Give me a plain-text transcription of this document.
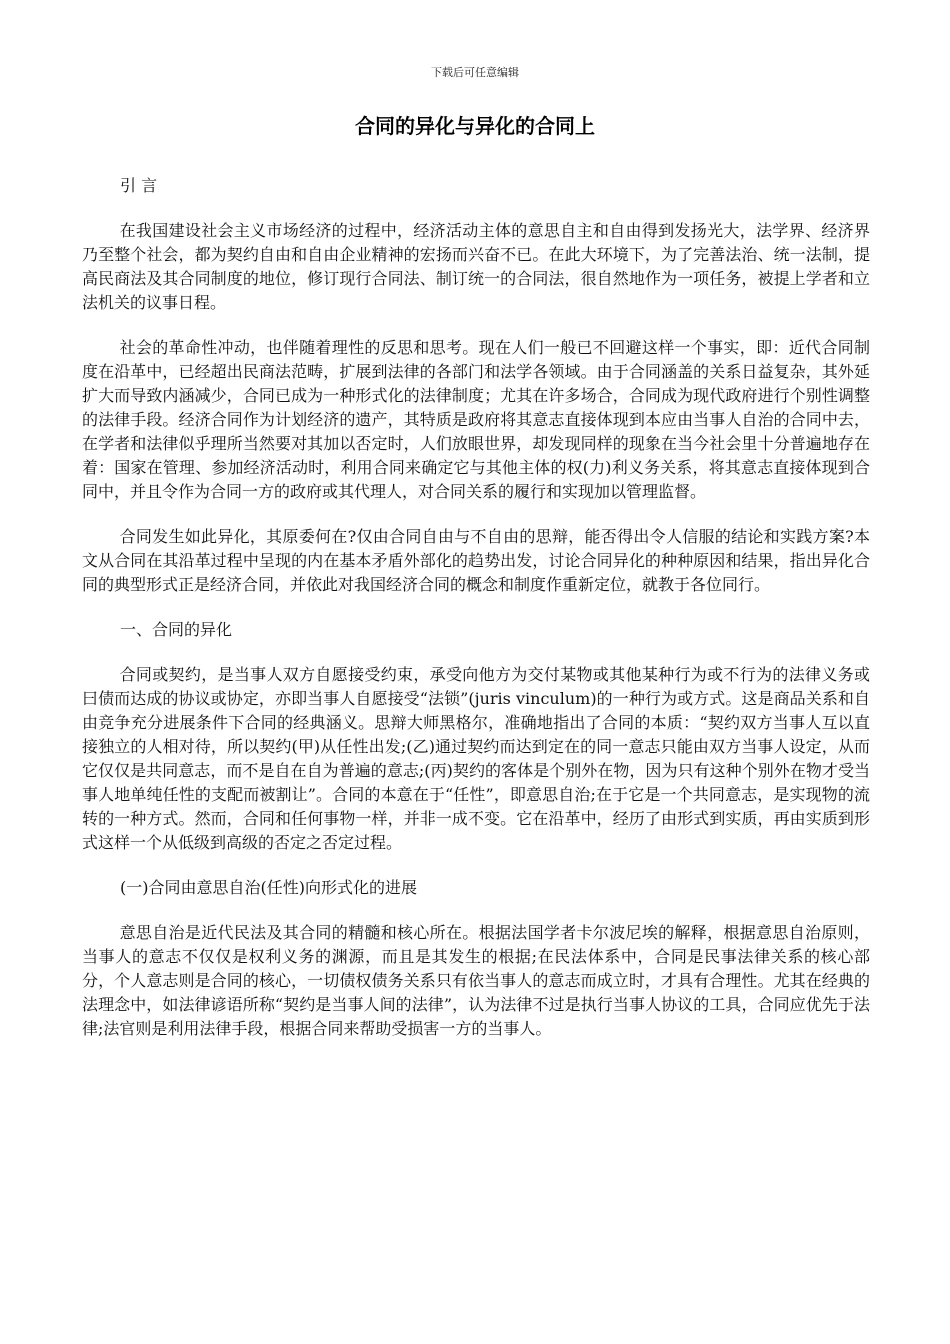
下载后可任意编辑
合同的异化与异化的合同上

引 言

在我国建设社会主义市场经济的过程中，经济活动主体的意思自主和自由得到发扬光大，法学界、经济界乃至整个社会，都为契约自由和自由企业精神的宏扬而兴奋不已。在此大环境下，为了完善法治、统一法制，提高民商法及其合同制度的地位，修订现行合同法、制订统一的合同法，很自然地作为一项任务，被提上学者和立法机关的议事日程。

社会的革命性冲动，也伴随着理性的反思和思考。现在人们一般已不回避这样一个事实，即：近代合同制度在沿革中，已经超出民商法范畴，扩展到法律的各部门和法学各领域。由于合同涵盖的关系日益复杂，其外延扩大而导致内涵减少，合同已成为一种形式化的法律制度；尤其在许多场合，合同成为现代政府进行个别性调整的法律手段。经济合同作为计划经济的遗产，其特质是政府将其意志直接体现到本应由当事人自治的合同中去，在学者和法律似乎理所当然要对其加以否定时，人们放眼世界，却发现同样的现象在当今社会里十分普遍地存在着：国家在管理、参加经济活动时，利用合同来确定它与其他主体的权(力)利义务关系，将其意志直接体现到合同中，并且令作为合同一方的政府或其代理人，对合同关系的履行和实现加以管理监督。

合同发生如此异化，其原委何在?仅由合同自由与不自由的思辩，能否得出令人信服的结论和实践方案?本文从合同在其沿革过程中呈现的内在基本矛盾外部化的趋势出发，讨论合同异化的种种原因和结果，指出异化合同的典型形式正是经济合同，并依此对我国经济合同的概念和制度作重新定位，就教于各位同行。

一、合同的异化

合同或契约，是当事人双方自愿接受约束，承受向他方为交付某物或其他某种行为或不行为的法律义务或曰债而达成的协议或协定，亦即当事人自愿接受“法锁”(juris vinculum)的一种行为或方式。这是商品关系和自由竞争充分进展条件下合同的经典涵义。思辩大师黑格尔，准确地指出了合同的本质：“契约双方当事人互以直接独立的人相对待，所以契约(甲)从任性出发;(乙)通过契约而达到定在的同一意志只能由双方当事人设定，从而它仅仅是共同意志，而不是自在自为普遍的意志;(丙)契约的客体是个别外在物，因为只有这种个别外在物才受当事人地单纯任性的支配而被割让”。合同的本意在于“任性”，即意思自治;在于它是一个共同意志，是实现物的流转的一种方式。然而，合同和任何事物一样，并非一成不变。它在沿革中，经历了由形式到实质，再由实质到形式这样一个从低级到高级的否定之否定过程。

(一)合同由意思自治(任性)向形式化的进展

意思自治是近代民法及其合同的精髓和核心所在。根据法国学者卡尔波尼埃的解释，根据意思自治原则，当事人的意志不仅仅是权利义务的渊源，而且是其发生的根据;在民法体系中，合同是民事法律关系的核心部分，个人意志则是合同的核心，一切债权债务关系只有依当事人的意志而成立时，才具有合理性。尤其在经典的法理念中，如法律谚语所称“契约是当事人间的法律”，认为法律不过是执行当事人协议的工具，合同应优先于法律;法官则是利用法律手段，根据合同来帮助受损害一方的当事人。
